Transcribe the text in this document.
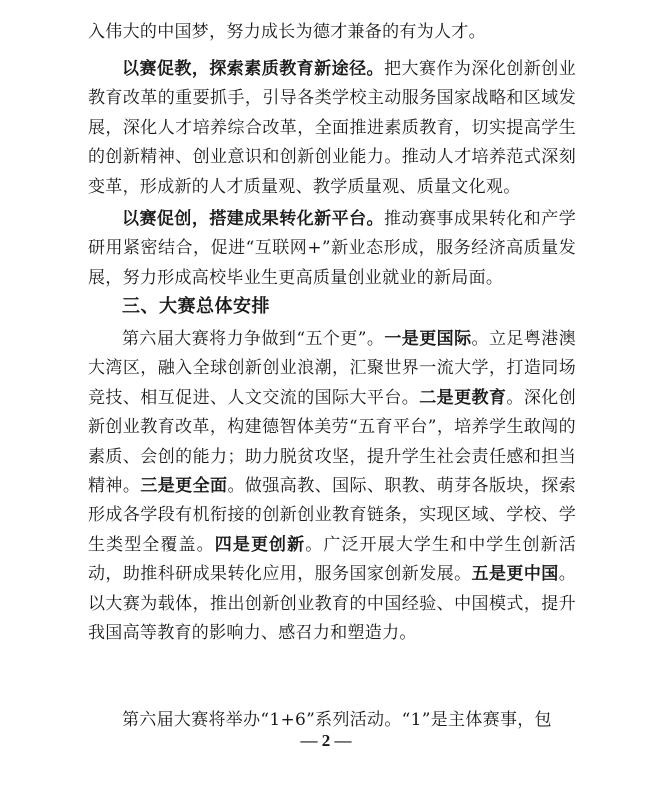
入伟大的中国梦，努力成长为德才兼备的有为人才。

以赛促教，探索素质教育新途径。把大赛作为深化创新创业教育改革的重要抓手，引导各类学校主动服务国家战略和区域发展，深化人才培养综合改革，全面推进素质教育，切实提高学生的创新精神、创业意识和创新创业能力。推动人才培养范式深刻变革，形成新的人才质量观、教学质量观、质量文化观。

以赛促创，搭建成果转化新平台。推动赛事成果转化和产学研用紧密结合，促进“互联网+”新业态形成，服务经济高质量发展，努力形成高校毕业生更高质量创业就业的新局面。

三、大赛总体安排

第六届大赛将力争做到“五个更”。一是更国际。立足粤港澳大湾区，融入全球创新创业浪潮，汇聚世界一流大学，打造同场竞技、相互促进、人文交流的国际大平台。二是更教育。深化创新创业教育改革，构建德智体美劳“五育平台”，培养学生敢闯的素质、会创的能力；助力脱贫攻坚，提升学生社会责任感和担当精神。三是更全面。做强高教、国际、职教、萌芽各版块，探索形成各学段有机衔接的创新创业教育链条，实现区域、学校、学生类型全覆盖。四是更创新。广泛开展大学生和中学生创新活动，助推科研成果转化应用，服务国家创新发展。五是更中国。以大赛为载体，推出创新创业教育的中国经验、中国模式，提升我国高等教育的影响力、感召力和塑造力。

第六届大赛将举办“1+6”系列活动。“1”是主体赛事，包

— 2 —
